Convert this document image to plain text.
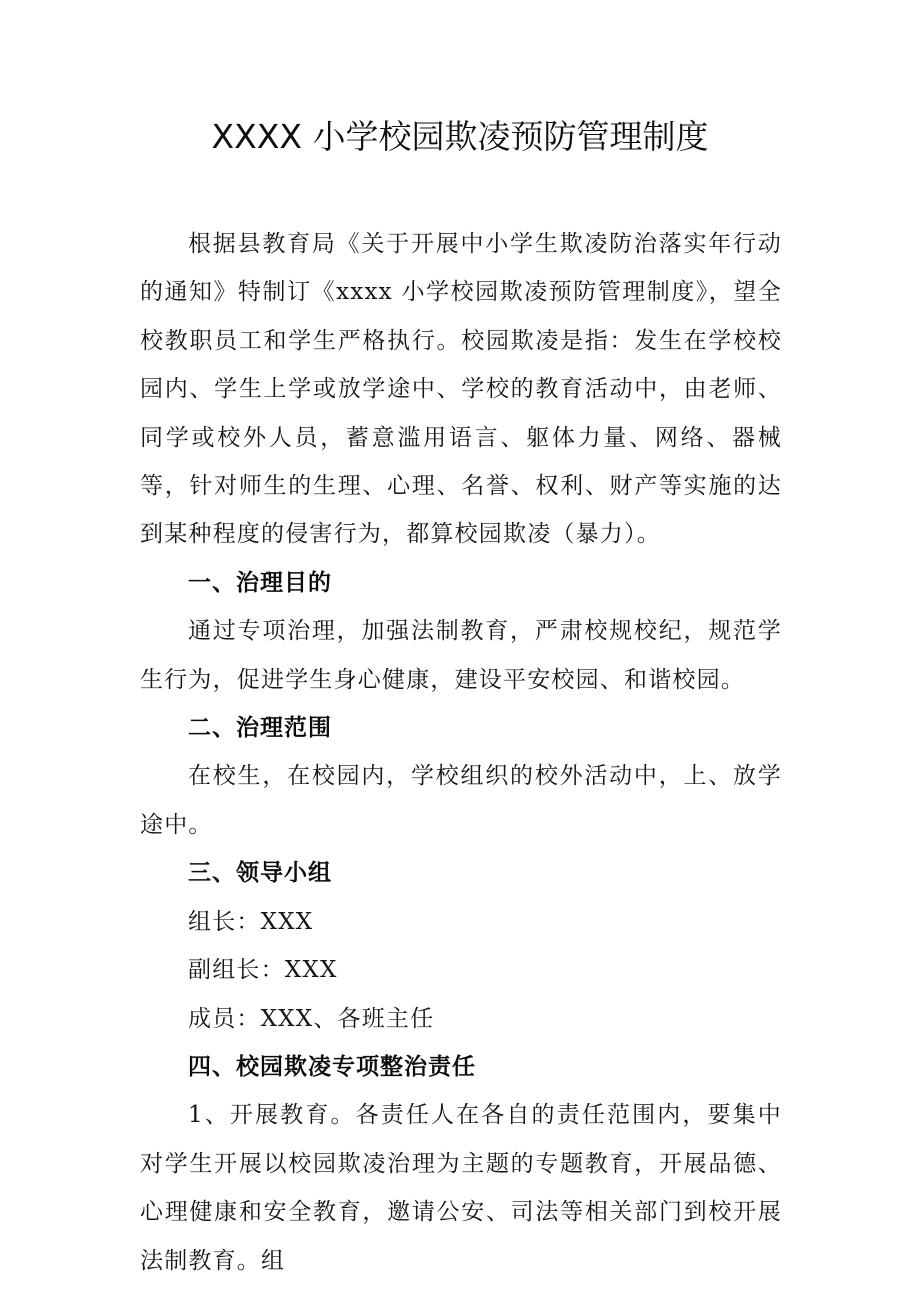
XXXX 小学校园欺凌预防管理制度

根据县教育局《关于开展中小学生欺凌防治落实年行动的通知》特制订《xxxx 小学校园欺凌预防管理制度》，望全校教职员工和学生严格执行。校园欺凌是指：发生在学校校园内、学生上学或放学途中、学校的教育活动中，由老师、同学或校外人员，蓄意滥用语言、躯体力量、网络、器械等，针对师生的生理、心理、名誉、权利、财产等实施的达到某种程度的侵害行为，都算校园欺凌（暴力）。

一、治理目的

通过专项治理，加强法制教育，严肃校规校纪，规范学生行为，促进学生身心健康，建设平安校园、和谐校园。

二、治理范围

在校生，在校园内，学校组织的校外活动中，上、放学途中。

三、领导小组

组长：XXX

副组长：XXX

成员：XXX、各班主任

四、校园欺凌专项整治责任

1、开展教育。各责任人在各自的责任范围内，要集中对学生开展以校园欺凌治理为主题的专题教育，开展品德、心理健康和安全教育，邀请公安、司法等相关部门到校开展法制教育。组
